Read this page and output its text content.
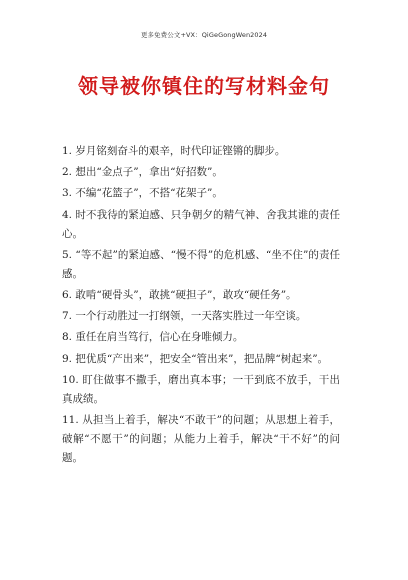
更多免费公文+VX：QiGeGongWen2024
领导被你镇住的写材料金句
1. 岁月铭刻奋斗的艰辛，时代印证铿锵的脚步。
2. 想出“金点子”，拿出“好招数”。
3. 不编“花篮子”，不搭“花架子”。
4. 时不我待的紧迫感、只争朝夕的精气神、舍我其谁的责任心。
5. “等不起”的紧迫感、“慢不得”的危机感、“坐不住”的责任感。
6. 敢啃“硬骨头”，敢挑“硬担子”，敢攻“硬任务”。
7. 一个行动胜过一打纲领，一天落实胜过一年空谈。
8. 重任在肩当笃行，信心在身唯倾力。
9. 把优质“产出来”，把安全“管出来”，把品牌“树起来”。
10. 盯住做事不撒手，磨出真本事；一干到底不放手，干出真成绩。
11. 从担当上着手，解决“不敢干”的问题；从思想上着手，破解“不愿干”的问题；从能力上着手，解决“干不好”的问题。
